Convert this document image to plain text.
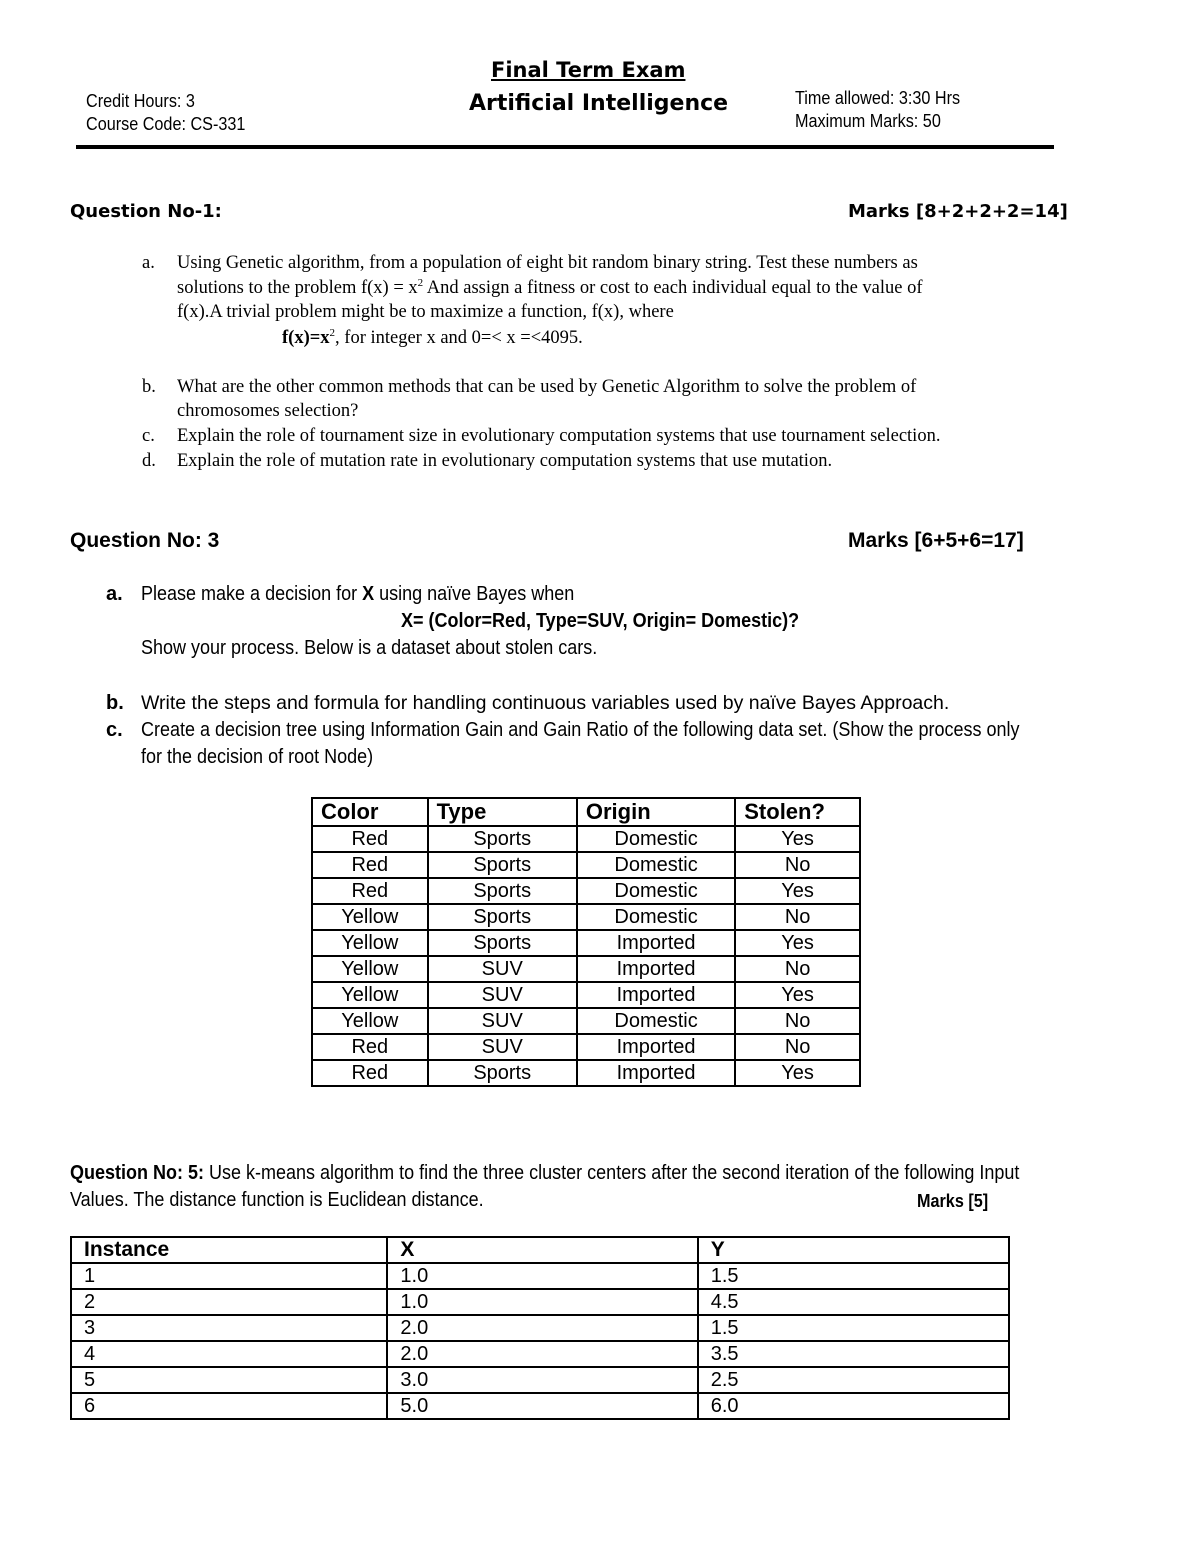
Final Term Exam
Artificial Intelligence
Credit Hours: 3
Course Code: CS-331
Time allowed: 3:30 Hrs
Maximum Marks: 50
Question No-1:	Marks [8+2+2+2=14]
a. Using Genetic algorithm, from a population of eight bit random binary string. Test these numbers as
solutions to the problem $f(x) = x^2$ And assign a fitness or cost to each individual equal to the value of
f(x).A trivial problem might be to maximize a function, f(x), where
$f(x)=x^2$, for integer x and 0=< x =<4095.
b. What are the other common methods that can be used by Genetic Algorithm to solve the problem of
chromosomes selection?
c. Explain the role of tournament size in evolutionary computation systems that use tournament selection.
d. Explain the role of mutation rate in evolutionary computation systems that use mutation.
Question No: 3	Marks [6+5+6=17]
a. Please make a decision for X using naïve Bayes when
X= (Color=Red, Type=SUV, Origin= Domestic)?
Show your process. Below is a dataset about stolen cars.
b. Write the steps and formula for handling continuous variables used by naïve Bayes Approach.
c. Create a decision tree using Information Gain and Gain Ratio of the following data set. (Show the process only
for the decision of root Node)
Color	Type	Origin	Stolen?
Red	Sports	Domestic	Yes
Red	Sports	Domestic	No
Red	Sports	Domestic	Yes
Yellow	Sports	Domestic	No
Yellow	Sports	Imported	Yes
Yellow	SUV	Imported	No
Yellow	SUV	Imported	Yes
Yellow	SUV	Domestic	No
Red	SUV	Imported	No
Red	Sports	Imported	Yes
Question No: 5: Use k-means algorithm to find the three cluster centers after the second iteration of the following Input
Values. The distance function is Euclidean distance.	Marks [5]
Instance	X	Y
1	1.0	1.5
2	1.0	4.5
3	2.0	1.5
4	2.0	3.5
5	3.0	2.5
6	5.0	6.0
